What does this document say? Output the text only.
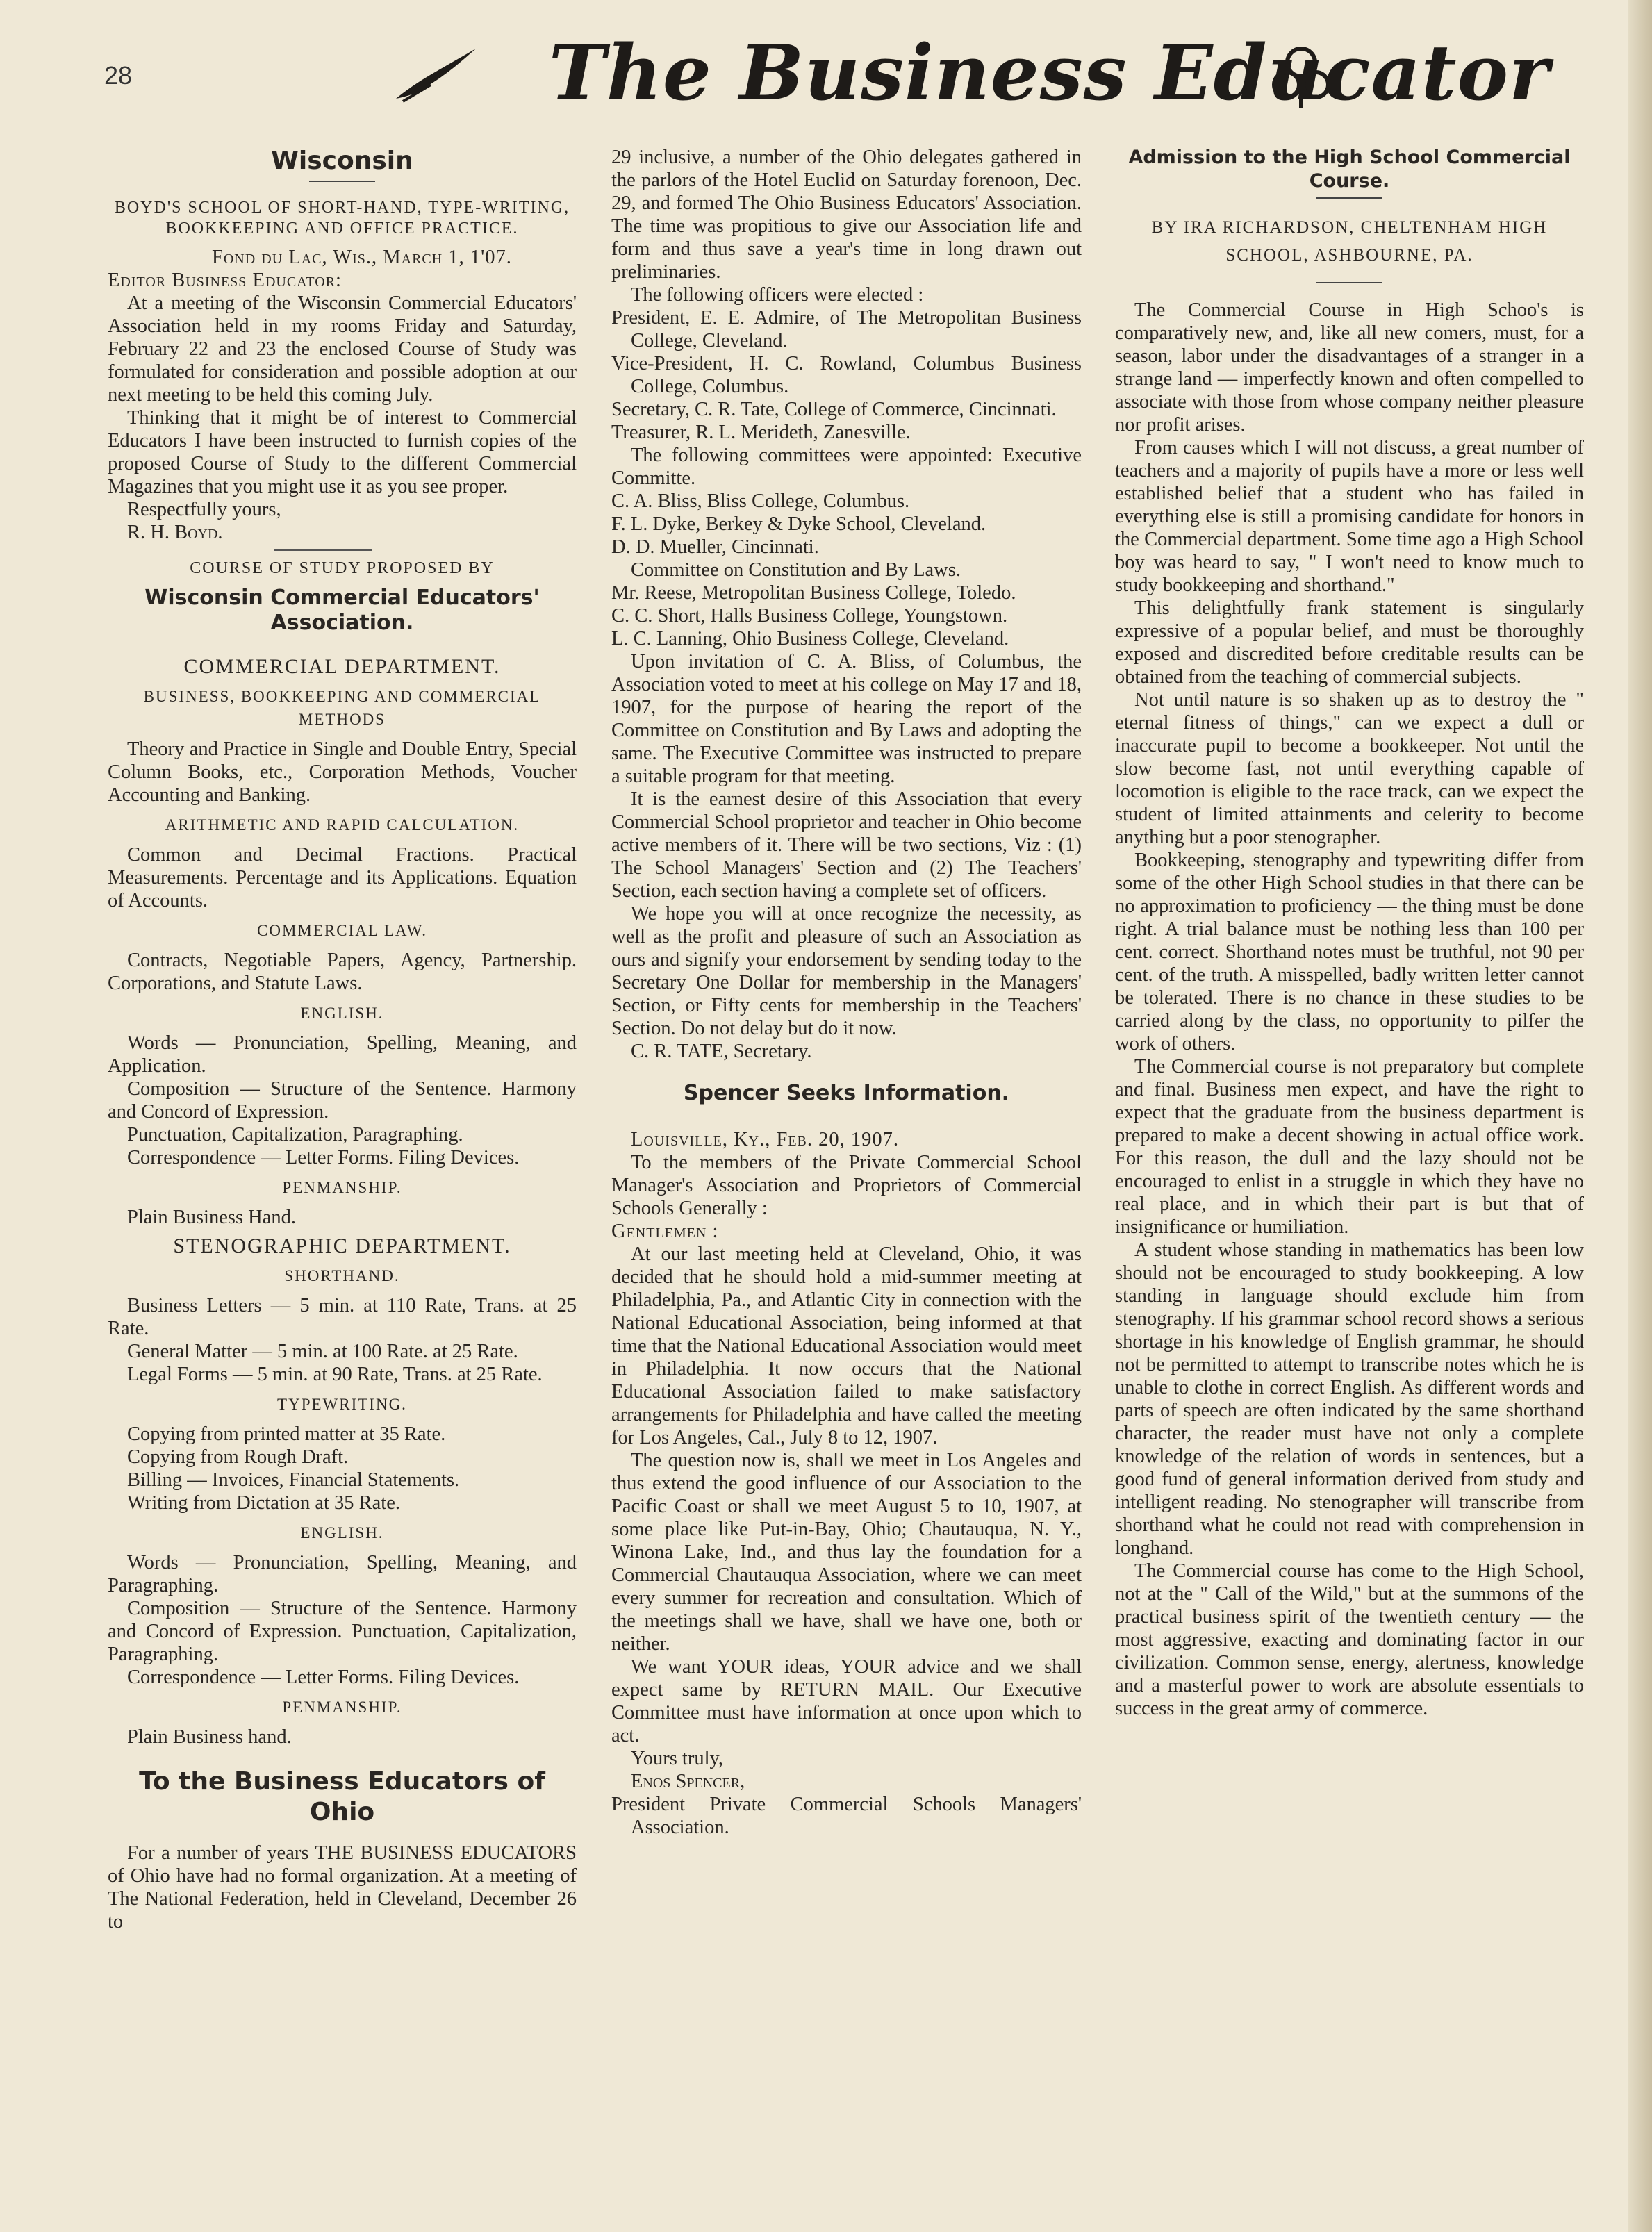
28	The Business Educator
Wisconsin
BOYD'S SCHOOL OF SHORT-HAND, TYPE-WRITING, BOOKKEEPING AND OFFICE PRACTICE.

Fond du Lac, Wis., March 1, 1'07.

Editor Business Educator:

At a meeting of the Wisconsin Commercial Educators' Association held in my rooms Friday and Saturday, February 22 and 23 the enclosed Course of Study was formulated for consideration and possible adoption at our next meeting to be held this coming July.

Thinking that it might be of interest to Commercial Educators I have been instructed to furnish copies of the proposed Course of Study to the different Commercial Magazines that you might use it as you see proper.

Respectfully yours,

R. H. Boyd.

COURSE OF STUDY PROPOSED BY
Wisconsin Commercial Educators' Association.
COMMERCIAL DEPARTMENT.
BUSINESS, BOOKKEEPING AND COMMERCIAL METHODS

Theory and Practice in Single and Double Entry, Special Column Books, etc., Corporation Methods, Voucher Accounting and Banking.

ARITHMETIC AND RAPID CALCULATION.

Common and Decimal Fractions. Practical Measurements. Percentage and its Applications. Equation of Accounts.

COMMERCIAL LAW.

Contracts, Negotiable Papers, Agency, Partnership. Corporations, and Statute Laws.

ENGLISH.

Words — Pronunciation, Spelling, Meaning, and Application.

Composition — Structure of the Sentence. Harmony and Concord of Expression.

Punctuation, Capitalization, Paragraphing.

Correspondence — Letter Forms. Filing Devices.

PENMANSHIP.

Plain Business Hand.

STENOGRAPHIC DEPARTMENT.
SHORTHAND.

Business Letters — 5 min. at 110 Rate, Trans. at 25 Rate.

General Matter — 5 min. at 100 Rate. at 25 Rate.

Legal Forms — 5 min. at 90 Rate, Trans. at 25 Rate.

TYPEWRITING.

Copying from printed matter at 35 Rate.

Copying from Rough Draft.

Billing — Invoices, Financial Statements.

Writing from Dictation at 35 Rate.

ENGLISH.

Words — Pronunciation, Spelling, Meaning, and Paragraphing.

Composition — Structure of the Sentence. Harmony and Concord of Expression. Punctuation, Capitalization, Paragraphing.

Correspondence — Letter Forms. Filing Devices.

PENMANSHIP.

Plain Business hand.

To the Business Educators of Ohio

For a number of years THE BUSINESS EDUCATORS of Ohio have had no formal organization. At a meeting of The National Federation, held in Cleveland, December 26 to

29 inclusive, a number of the Ohio delegates gathered in the parlors of the Hotel Euclid on Saturday forenoon, Dec. 29, and formed The Ohio Business Educators' Association. The time was propitious to give our Association life and form and thus save a year's time in long drawn out preliminaries.

The following officers were elected :

President, E. E. Admire, of The Metropolitan Business College, Cleveland.

Vice-President, H. C. Rowland, Columbus Business College, Columbus.

Secretary, C. R. Tate, College of Commerce, Cincinnati.

Treasurer, R. L. Merideth, Zanesville.

The following committees were appointed: Executive Committe.

C. A. Bliss, Bliss College, Columbus.

F. L. Dyke, Berkey & Dyke School, Cleveland.

D. D. Mueller, Cincinnati.

Committee on Constitution and By Laws.

Mr. Reese, Metropolitan Business College, Toledo.

C. C. Short, Halls Business College, Youngstown.

L. C. Lanning, Ohio Business College, Cleveland.

Upon invitation of C. A. Bliss, of Columbus, the Association voted to meet at his college on May 17 and 18, 1907, for the purpose of hearing the report of the Committee on Constitution and By Laws and adopting the same. The Executive Committee was instructed to prepare a suitable program for that meeting.

It is the earnest desire of this Association that every Commercial School proprietor and teacher in Ohio become active members of it. There will be two sections, Viz : (1) The School Managers' Section and (2) The Teachers' Section, each section having a complete set of officers.

We hope you will at once recognize the necessity, as well as the profit and pleasure of such an Association as ours and signify your endorsement by sending today to the Secretary One Dollar for membership in the Managers' Section, or Fifty cents for membership in the Teachers' Section. Do not delay but do it now.

C. R. TATE, Secretary.

Spencer Seeks Information.

Louisville, Ky., Feb. 20, 1907.

To the members of the Private Commercial School Manager's Association and Proprietors of Commercial Schools Generally :

Gentlemen :

At our last meeting held at Cleveland, Ohio, it was decided that he should hold a mid-summer meeting at Philadelphia, Pa., and Atlantic City in connection with the National Educational Association, being informed at that time that the National Educational Association would meet in Philadelphia. It now occurs that the National Educational Association failed to make satisfactory arrangements for Philadelphia and have called the meeting for Los Angeles, Cal., July 8 to 12, 1907.

The question now is, shall we meet in Los Angeles and thus extend the good influence of our Association to the Pacific Coast or shall we meet August 5 to 10, 1907, at some place like Put-in-Bay, Ohio; Chautauqua, N. Y., Winona Lake, Ind., and thus lay the foundation for a Commercial Chautauqua Association, where we can meet every summer for recreation and consultation. Which of the meetings shall we have, shall we have one, both or neither.

We want YOUR ideas, YOUR advice and we shall expect same by RETURN MAIL. Our Executive Committee must have information at once upon which to act.

Yours truly,

Enos Spencer,

President Private Commercial Schools Managers' Association.

Admission to the High School Commercial Course.
BY IRA RICHARDSON, CHELTENHAM HIGH SCHOOL, ASHBOURNE, PA.

The Commercial Course in High Schoo's is comparatively new, and, like all new comers, must, for a season, labor under the disadvantages of a stranger in a strange land — imperfectly known and often compelled to associate with those from whose company neither pleasure nor profit arises.

From causes which I will not discuss, a great number of teachers and a majority of pupils have a more or less well established belief that a student who has failed in everything else is still a promising candidate for honors in the Commercial department. Some time ago a High School boy was heard to say, " I won't need to know much to study bookkeeping and shorthand."

This delightfully frank statement is singularly expressive of a popular belief, and must be thoroughly exposed and discredited before creditable results can be obtained from the teaching of commercial subjects.

Not until nature is so shaken up as to destroy the " eternal fitness of things," can we expect a dull or inaccurate pupil to become a bookkeeper. Not until the slow become fast, not until everything capable of locomotion is eligible to the race track, can we expect the student of limited attainments and celerity to become anything but a poor stenographer.

Bookkeeping, stenography and typewriting differ from some of the other High School studies in that there can be no approximation to proficiency — the thing must be done right. A trial balance must be nothing less than 100 per cent. correct. Shorthand notes must be truthful, not 90 per cent. of the truth. A misspelled, badly written letter cannot be tolerated. There is no chance in these studies to be carried along by the class, no opportunity to pilfer the work of others.

The Commercial course is not preparatory but complete and final. Business men expect, and have the right to expect that the graduate from the business department is prepared to make a decent showing in actual office work. For this reason, the dull and the lazy should not be encouraged to enlist in a struggle in which they have no real place, and in which their part is but that of insignificance or humiliation.

A student whose standing in mathematics has been low should not be encouraged to study bookkeeping. A low standing in language should exclude him from stenography. If his grammar school record shows a serious shortage in his knowledge of English grammar, he should not be permitted to attempt to transcribe notes which he is unable to clothe in correct English. As different words and parts of speech are often indicated by the same shorthand character, the reader must have not only a complete knowledge of the relation of words in sentences, but a good fund of general information derived from study and intelligent reading. No stenographer will transcribe from shorthand what he could not read with comprehension in longhand.

The Commercial course has come to the High School, not at the " Call of the Wild," but at the summons of the practical business spirit of the twentieth century — the most aggressive, exacting and dominating factor in our civilization. Common sense, energy, alertness, knowledge and a masterful power to work are absolute essentials to success in the great army of commerce.
